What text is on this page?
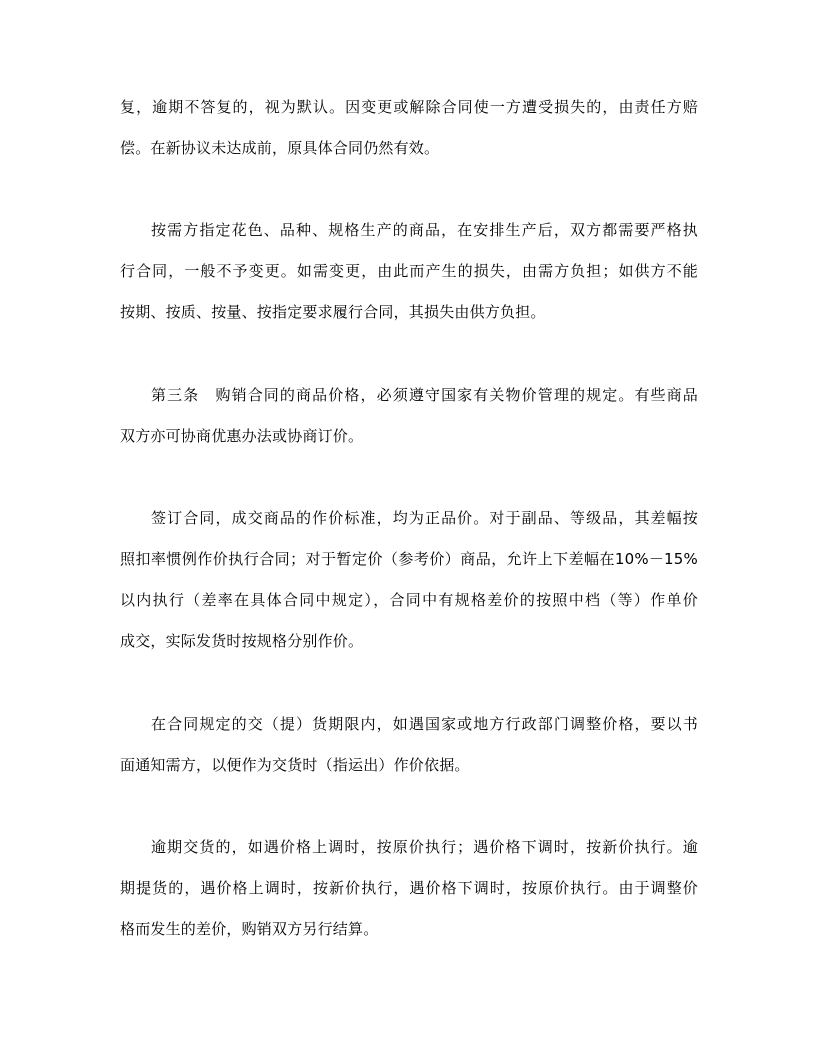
复，逾期不答复的，视为默认。因变更或解除合同使一方遭受损失的，由责任方赔
偿。在新协议未达成前，原具体合同仍然有效。

按需方指定花色、品种、规格生产的商品，在安排生产后，双方都需要严格执
行合同，一般不予变更。如需变更，由此而产生的损失，由需方负担；如供方不能
按期、按质、按量、按指定要求履行合同，其损失由供方负担。

第三条　购销合同的商品价格，必须遵守国家有关物价管理的规定。有些商品
双方亦可协商优惠办法或协商订价。

签订合同，成交商品的作价标准，均为正品价。对于副品、等级品，其差幅按
照扣率惯例作价执行合同；对于暂定价（参考价）商品，允许上下差幅在10%－15%
以内执行（差率在具体合同中规定），合同中有规格差价的按照中档（等）作单价
成交，实际发货时按规格分别作价。

在合同规定的交（提）货期限内，如遇国家或地方行政部门调整价格，要以书
面通知需方，以便作为交货时（指运出）作价依据。

逾期交货的，如遇价格上调时，按原价执行；遇价格下调时，按新价执行。逾
期提货的，遇价格上调时，按新价执行，遇价格下调时，按原价执行。由于调整价
格而发生的差价，购销双方另行结算。
